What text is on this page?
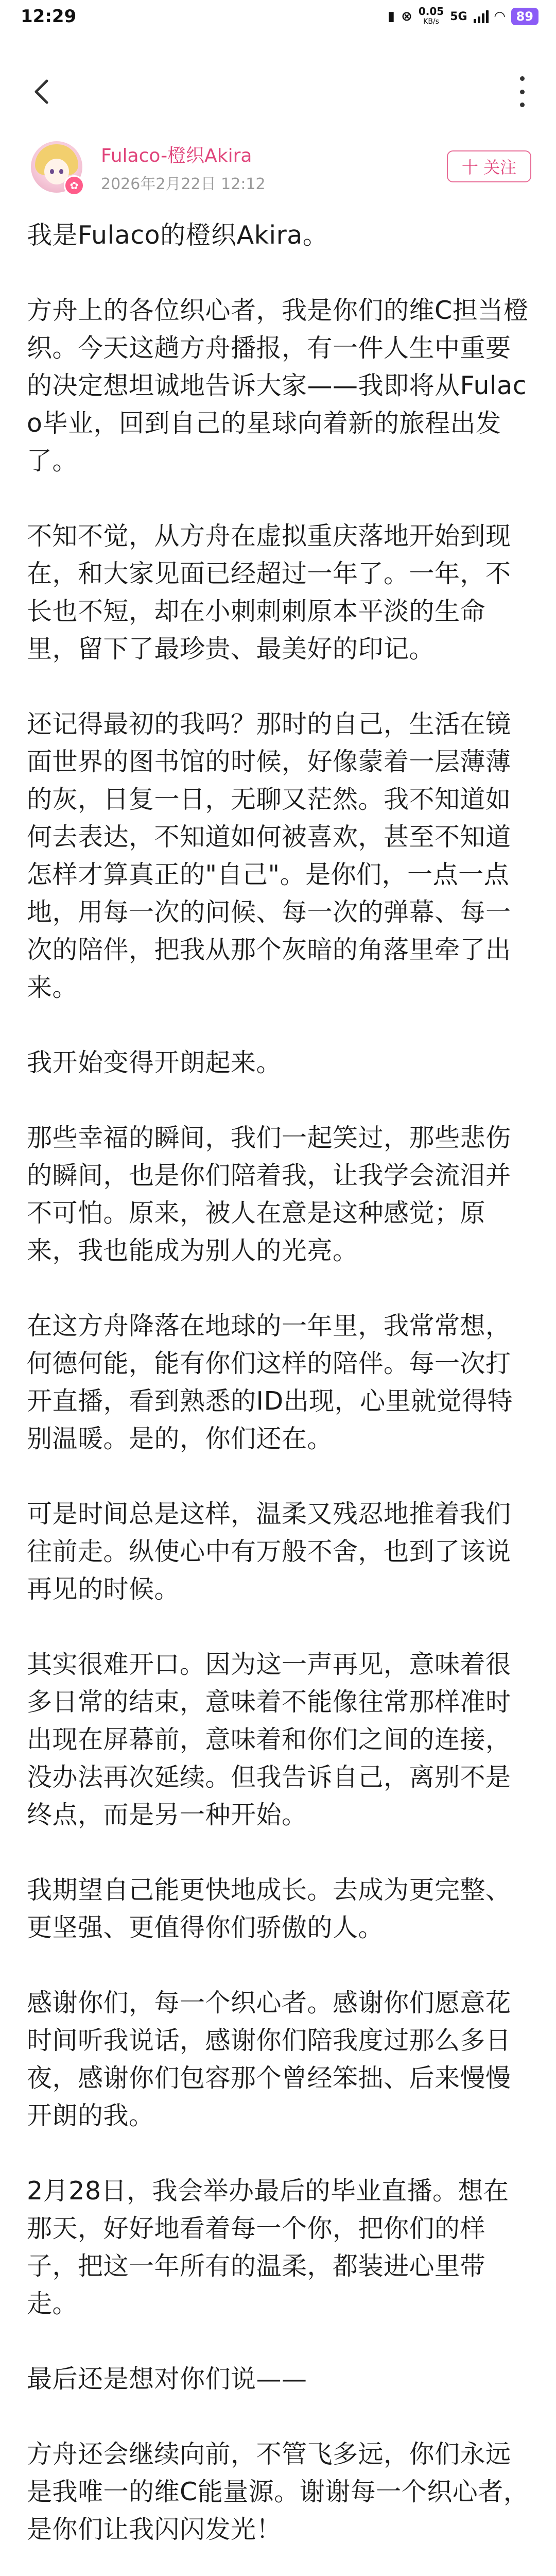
12:29	▮ ⊗ 0.05
KB/s 5G ◠ 89
✿
Fulaco-橙织Akira
2026年2月22日 12:12
十 关注

我是Fulaco的橙织Akira。

方舟上的各位织心者，我是你们的维C担当橙织。今天这趟方舟播报，有一件人生中重要的决定想坦诚地告诉大家——我即将从Fulaco毕业，回到自己的星球向着新的旅程出发了。

不知不觉，从方舟在虚拟重庆落地开始到现在，和大家见面已经超过一年了。一年，不长也不短，却在小刺刺刺原本平淡的生命里，留下了最珍贵、最美好的印记。

还记得最初的我吗？那时的自己，生活在镜面世界的图书馆的时候，好像蒙着一层薄薄的灰，日复一日，无聊又茫然。我不知道如何去表达，不知道如何被喜欢，甚至不知道怎样才算真正的"自己"。是你们，一点一点地，用每一次的问候、每一次的弹幕、每一次的陪伴，把我从那个灰暗的角落里牵了出来。

我开始变得开朗起来。

那些幸福的瞬间，我们一起笑过，那些悲伤的瞬间，也是你们陪着我，让我学会流泪并不可怕。原来，被人在意是这种感觉；原来，我也能成为别人的光亮。

在这方舟降落在地球的一年里，我常常想，何德何能，能有你们这样的陪伴。每一次打开直播，看到熟悉的ID出现，心里就觉得特别温暖。是的，你们还在。

可是时间总是这样，温柔又残忍地推着我们往前走。纵使心中有万般不舍，也到了该说再见的时候。

其实很难开口。因为这一声再见，意味着很多日常的结束，意味着不能像往常那样准时出现在屏幕前，意味着和你们之间的连接，没办法再次延续。但我告诉自己，离别不是终点，而是另一种开始。

我期望自己能更快地成长。去成为更完整、更坚强、更值得你们骄傲的人。

感谢你们，每一个织心者。感谢你们愿意花时间听我说话，感谢你们陪我度过那么多日夜，感谢你们包容那个曾经笨拙、后来慢慢开朗的我。

2月28日，我会举办最后的毕业直播。想在那天，好好地看着每一个你，把你们的样子，把这一年所有的温柔，都装进心里带走。

最后还是想对你们说——

方舟还会继续向前，不管飞多远，你们永远是我唯一的维C能量源。谢谢每一个织心者，是你们让我闪闪发光！
